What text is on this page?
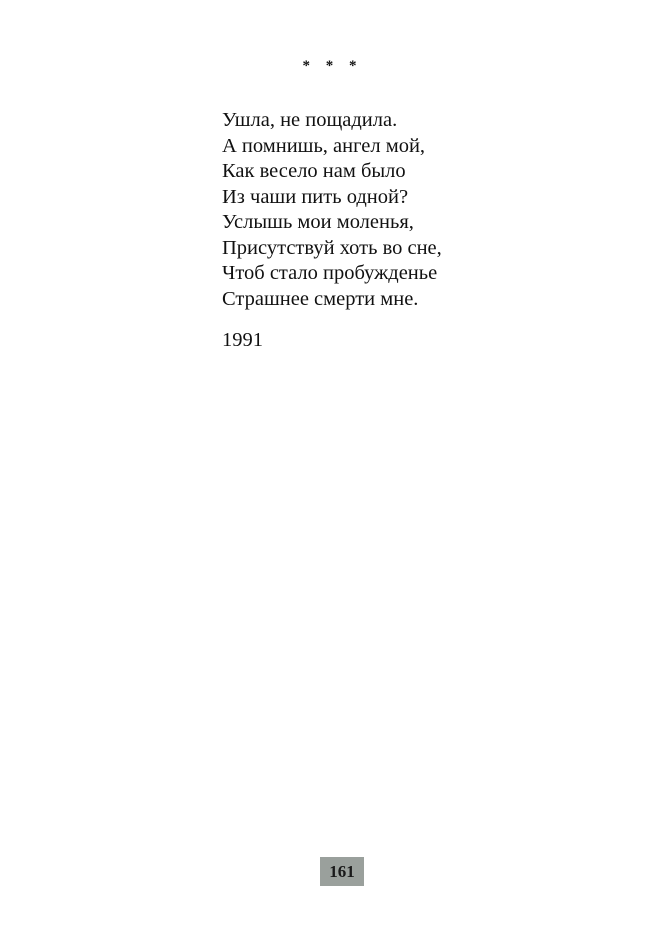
* * *
Ушла, не пощадила.
А помнишь, ангел мой,
Как весело нам было
Из чаши пить одной?
Услышь мои моленья,
Присутствуй хоть во сне,
Чтоб стало пробужденье
Страшнее смерти мне.
1991
161
